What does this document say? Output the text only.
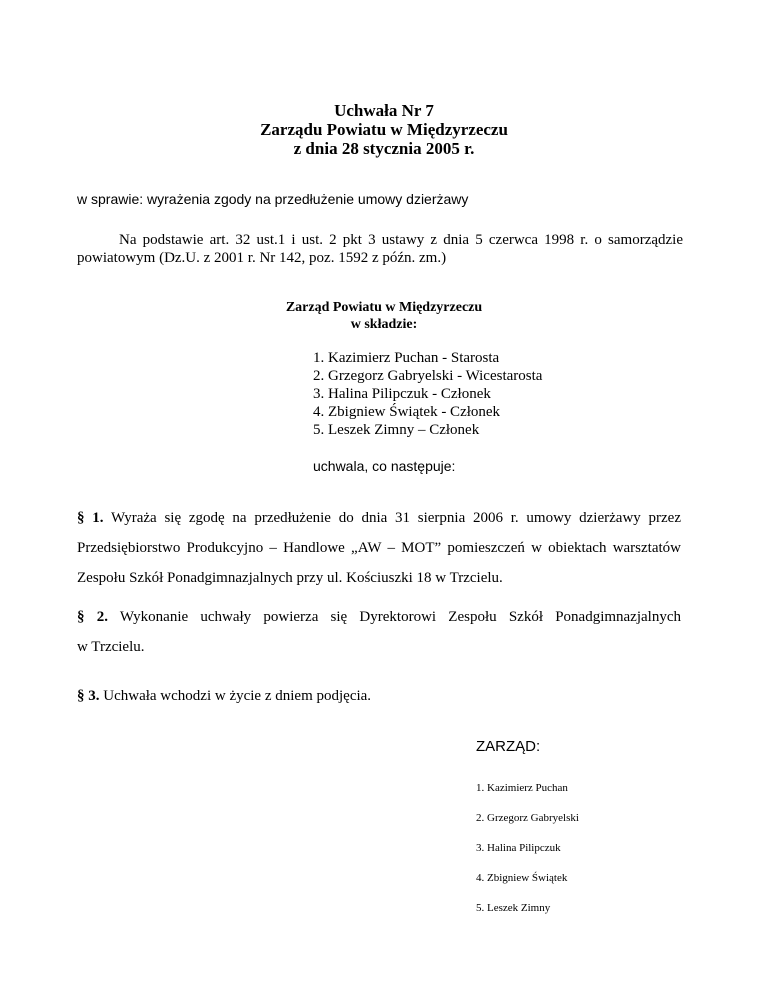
Uchwała Nr 7
Zarządu Powiatu w Międzyrzeczu
z dnia 28 stycznia 2005 r.
w sprawie: wyrażenia zgody na przedłużenie umowy dzierżawy
Na podstawie art. 32 ust.1 i ust. 2 pkt 3 ustawy z dnia 5 czerwca 1998 r. o samorządzie
powiatowym (Dz.U. z 2001 r. Nr 142, poz. 1592 z późn. zm.)
Zarząd Powiatu w Międzyrzeczu
w składzie:
1. Kazimierz Puchan - Starosta
2. Grzegorz Gabryelski - Wicestarosta
3. Halina Pilipczuk - Członek
4. Zbigniew Świątek - Członek
5. Leszek Zimny – Członek
uchwala, co następuje:
§ 1. Wyraża się zgodę na przedłużenie do dnia 31 sierpnia 2006 r. umowy dzierżawy przez
Przedsiębiorstwo Produkcyjno – Handlowe „AW – MOT” pomieszczeń w obiektach warsztatów
Zespołu Szkół Ponadgimnazjalnych przy ul. Kościuszki 18 w Trzcielu.
§ 2. Wykonanie uchwały powierza się Dyrektorowi Zespołu Szkół Ponadgimnazjalnych
w Trzcielu.
§ 3. Uchwała wchodzi w życie z dniem podjęcia.
ZARZĄD:
1. Kazimierz Puchan
2. Grzegorz Gabryelski
3. Halina Pilipczuk
4. Zbigniew Świątek
5. Leszek Zimny
